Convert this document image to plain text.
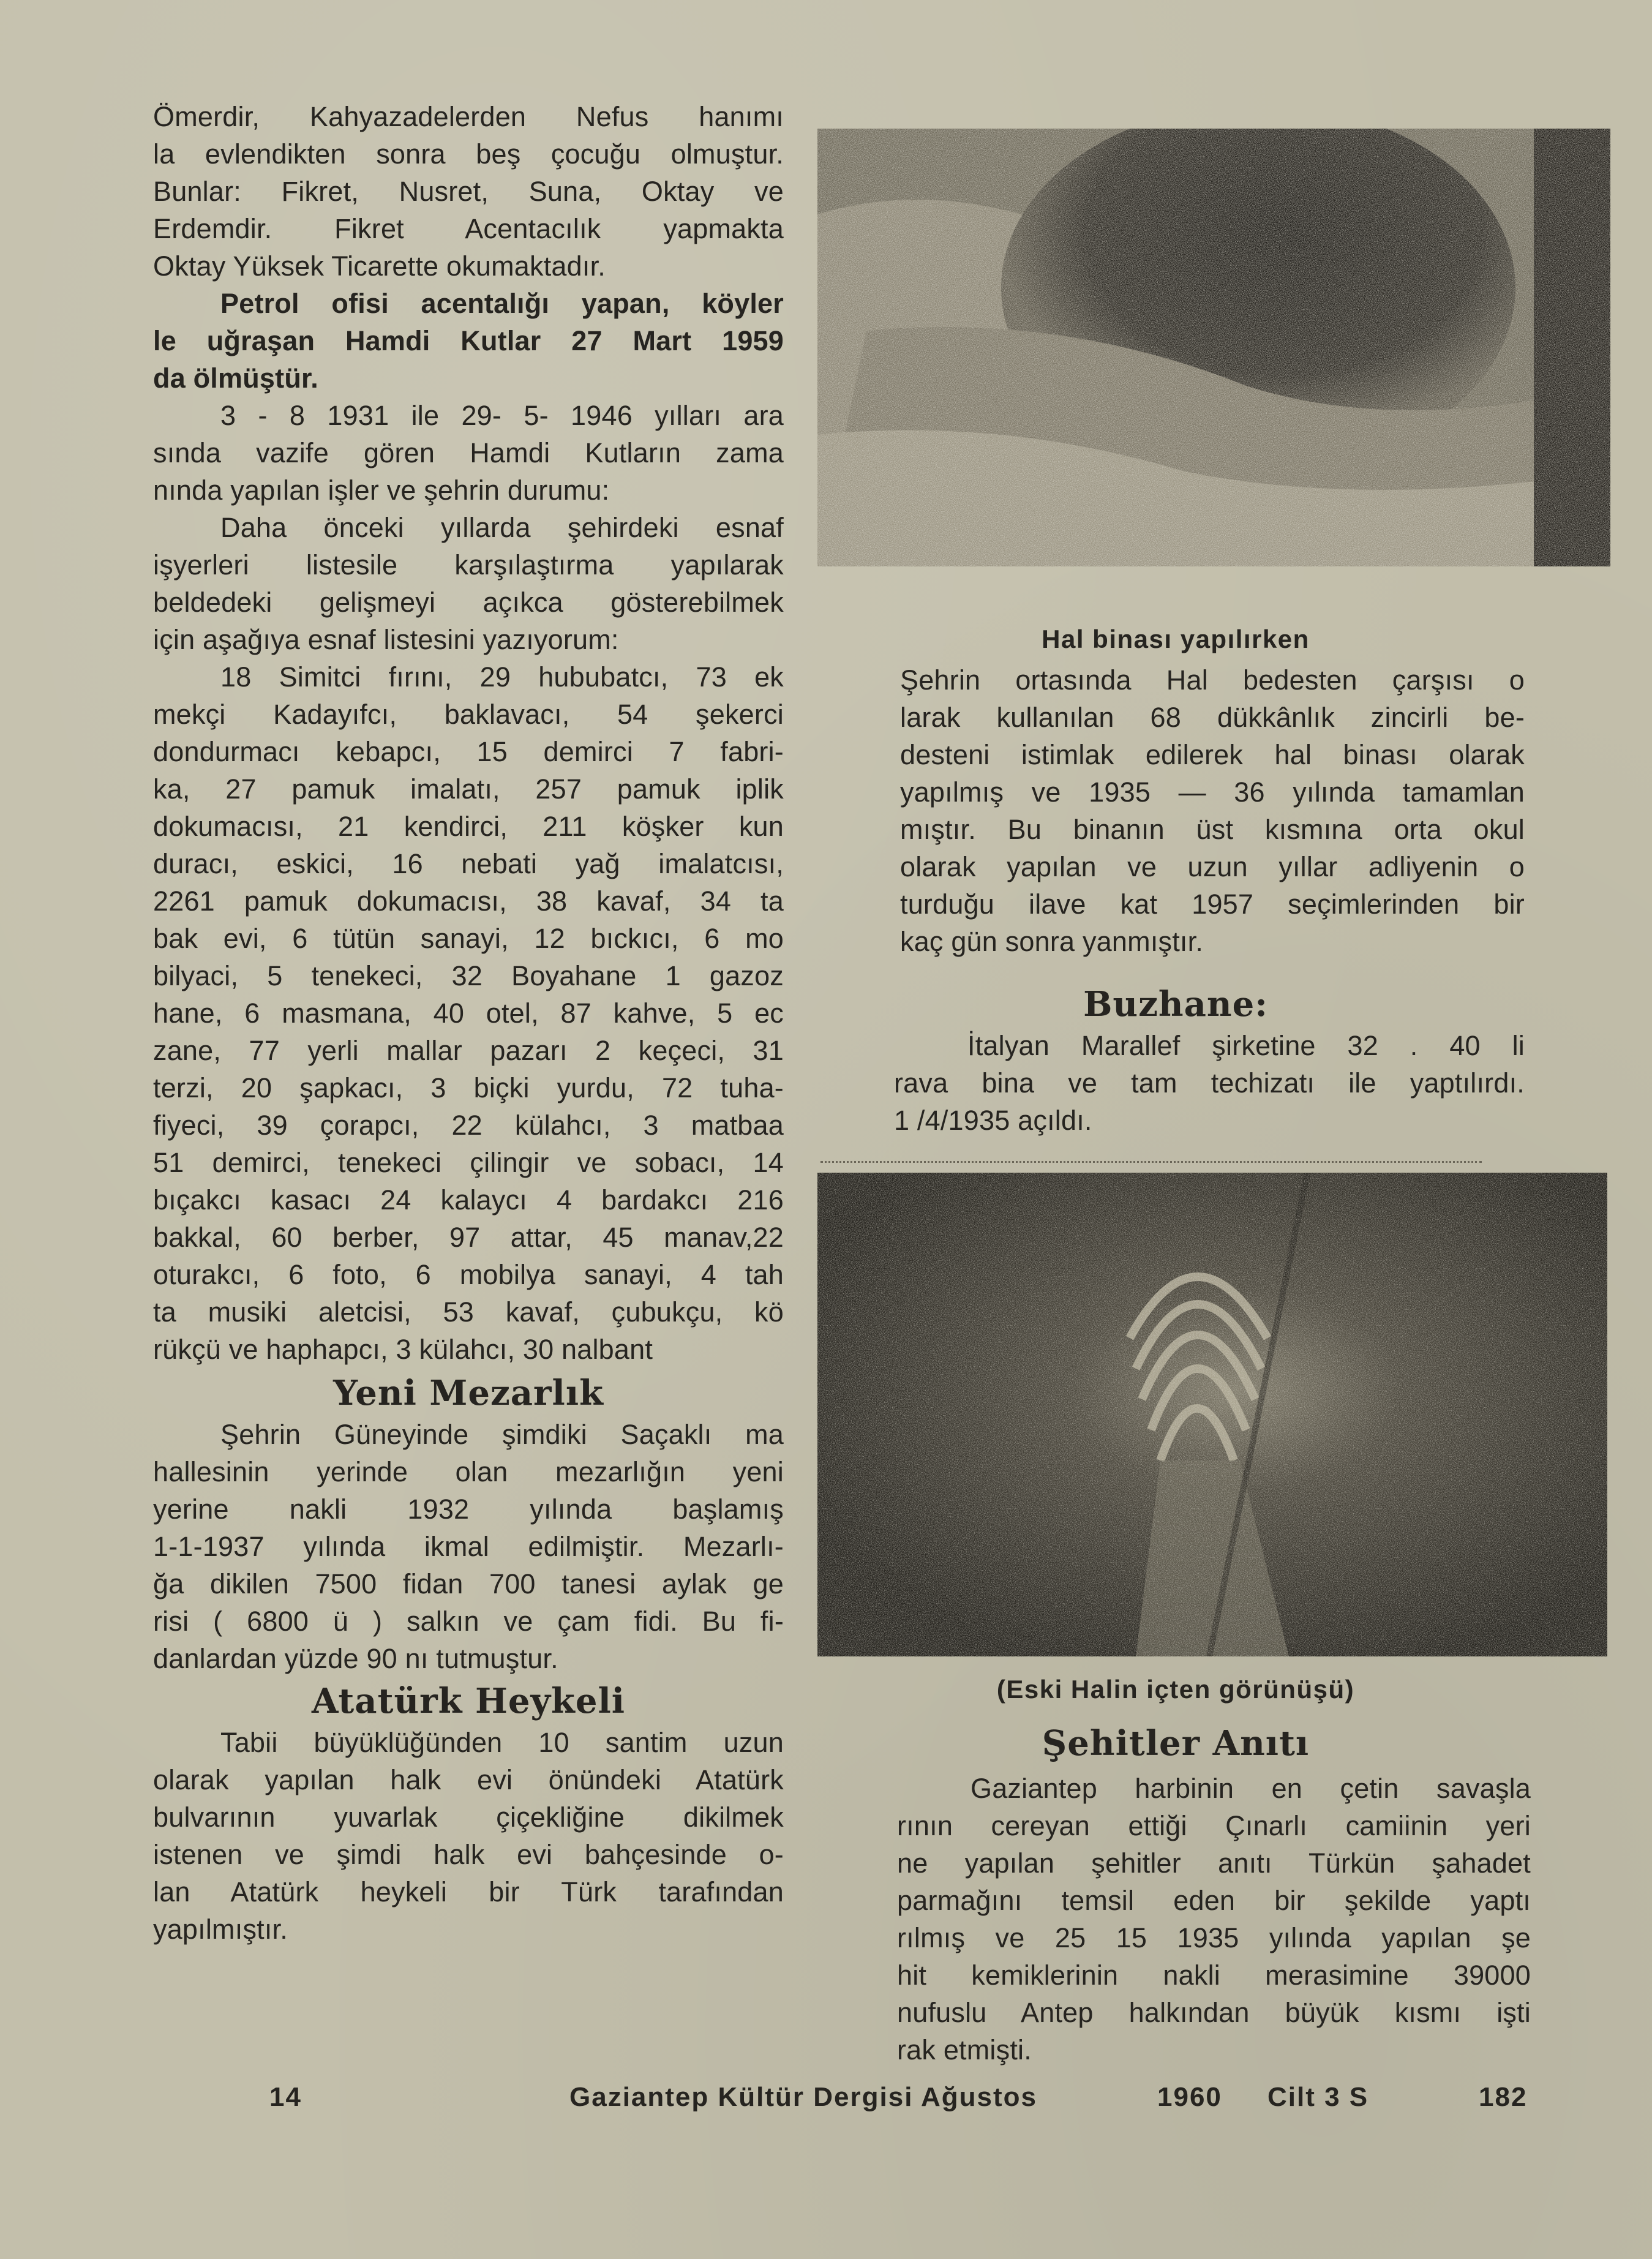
Ömerdir, Kahyazadelerden Nefus hanımı

la evlendikten sonra beş çocuğu olmuştur.

Bunlar: Fikret, Nusret, Suna, Oktay ve

Erdemdir. Fikret Acentacılık yapmakta

Oktay Yüksek Ticarette okumaktadır.

Petrol ofisi acentalığı yapan, köyler

le uğraşan Hamdi Kutlar 27 Mart 1959

da ölmüştür.

3 - 8 1931 ile 29- 5- 1946 yılları ara

sında vazife gören Hamdi Kutların zama

nında yapılan işler ve şehrin durumu:

Daha önceki yıllarda şehirdeki esnaf

işyerleri listesile karşılaştırma yapılarak

beldedeki gelişmeyi açıkca gösterebilmek

için aşağıya esnaf listesini yazıyorum:

18 Simitci fırını, 29 hububatcı, 73 ek

mekçi Kadayıfcı, baklavacı, 54 şekerci

dondurmacı kebapcı, 15 demirci 7 fabri-

ka, 27 pamuk imalatı, 257 pamuk iplik

dokumacısı, 21 kendirci, 211 köşker kun

duracı, eskici, 16 nebati yağ imalatcısı,

2261 pamuk dokumacısı, 38 kavaf, 34 ta

bak evi, 6 tütün sanayi, 12 bıckıcı, 6 mo

bilyaci, 5 tenekeci, 32 Boyahane 1 gazoz

hane, 6 masmana, 40 otel, 87 kahve, 5 ec

zane, 77 yerli mallar pazarı 2 keçeci, 31

terzi, 20 şapkacı, 3 biçki yurdu, 72 tuha-

fiyeci, 39 çorapcı, 22 külahcı, 3 matbaa

51 demirci, tenekeci çilingir ve sobacı, 14

bıçakcı kasacı 24 kalaycı 4 bardakcı 216

bakkal, 60 berber, 97 attar, 45 manav,22

oturakcı, 6 foto, 6 mobilya sanayi, 4 tah

ta musiki aletcisi, 53 kavaf, çubukçu, kö

rükçü ve haphapcı, 3 külahcı, 30 nalbant

Yeni Mezarlık

Şehrin Güneyinde şimdiki Saçaklı ma

hallesinin yerinde olan mezarlığın yeni

yerine nakli 1932 yılında başlamış

1-1-1937 yılında ikmal edilmiştir. Mezarlı-

ğa dikilen 7500 fidan 700 tanesi aylak ge

risi ( 6800 ü ) salkın ve çam fidi. Bu fi-

danlardan yüzde 90 nı tutmuştur.

Atatürk Heykeli

Tabii büyüklüğünden 10 santim uzun

olarak yapılan halk evi önündeki Atatürk

bulvarının yuvarlak çiçekliğine dikilmek

istenen ve şimdi halk evi bahçesinde o-

lan Atatürk heykeli bir Türk tarafından

yapılmıştır.

Hal binası yapılırken

Şehrin ortasında Hal bedesten çarşısı o

larak kullanılan 68 dükkânlık zincirli be-

desteni istimlak edilerek hal binası olarak

yapılmış ve 1935 — 36 yılında tamamlan

mıştır. Bu binanın üst kısmına orta okul

olarak yapılan ve uzun yıllar adliyenin o

turduğu ilave kat 1957 seçimlerinden bir

kaç gün sonra yanmıştır.

Buzhane:

İtalyan Marallef şirketine 32 . 40 li

rava bina ve tam techizatı ile yaptılırdı.

1 /4/1935 açıldı.

(Eski Halin içten görünüşü)
Şehitler Anıtı

Gaziantep harbinin en çetin savaşla

rının cereyan ettiği Çınarlı camiinin yeri

ne yapılan şehitler anıtı Türkün şahadet

parmağını temsil eden bir şekilde yaptı

rılmış ve 25 15 1935 yılında yapılan şe

hit kemiklerinin nakli merasimine 39000

nufuslu Antep halkından büyük kısmı işti

rak etmişti.

14	Gaziantep Kültür Dergisi Ağustos	1960 Cilt 3 S	182
